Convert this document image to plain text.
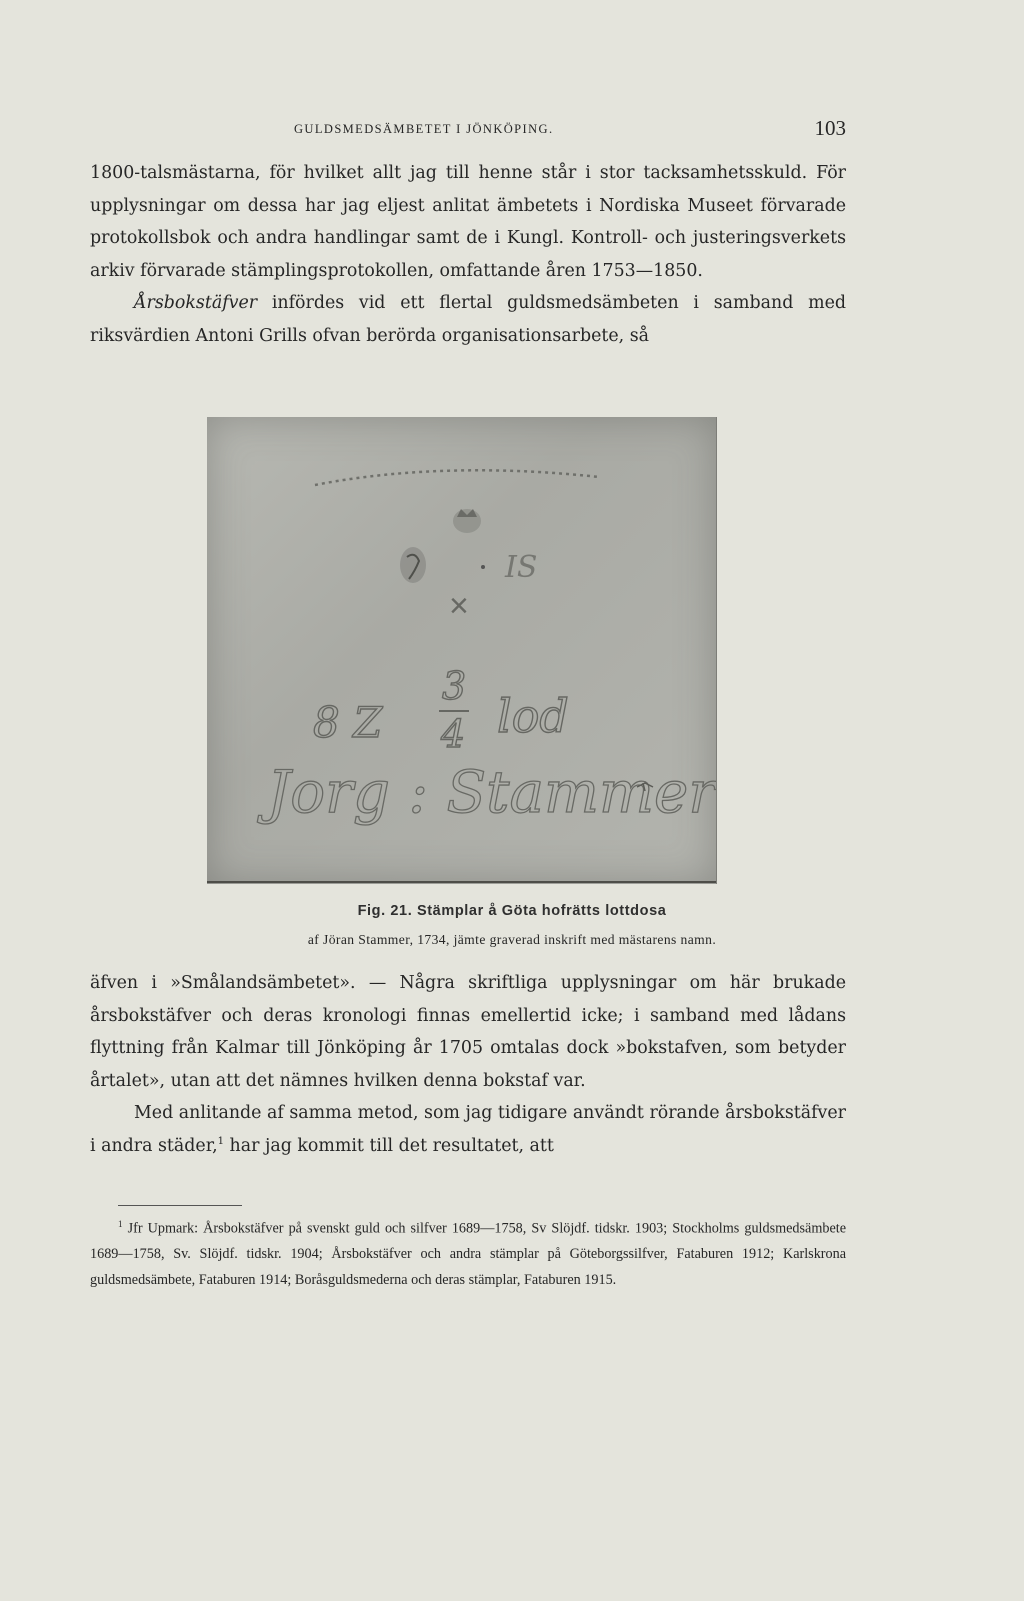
GULDSMEDSÄMBETET I JÖNKÖPING.	103

1800-talsmästarna, för hvilket allt jag till henne står i stor tacksamhetsskuld. För upplysningar om dessa har jag eljest anlitat ämbetets i Nordiska Museet förvarade protokollsbok och andra handlingar samt de i Kungl. Kontroll- och justeringsverkets arkiv förvarade stämplingsprotokollen, omfattande åren 1753—1850.

Årsbokstäfver infördes vid ett flertal guldsmedsämbeten i samband med riksvärdien Antoni Grills ofvan berörda organisationsarbete, så

IS
×
8 Z
3
4 lod
Jorg : Stammer
Fig. 21. Stämplar å Göta hofrätts lottdosa
af Jöran Stammer, 1734, jämte graverad inskrift med mästarens namn.

äfven i »Smålandsämbetet». — Några skriftliga upplysningar om här brukade årsbokstäfver och deras kronologi finnas emellertid icke; i samband med lådans flyttning från Kalmar till Jönköping år 1705 omtalas dock »bokstafven, som betyder årtalet», utan att det nämnes hvilken denna bokstaf var.

Med anlitande af samma metod, som jag tidigare användt rörande årsbokstäfver i andra städer,$^1$ har jag kommit till det resultatet, att

$^1$ Jfr Upmark: Årsbokstäfver på svenskt guld och silfver 1689—1758, Sv Slöjdf. tidskr. 1903; Stockholms guldsmedsämbete 1689—1758, Sv. Slöjdf. tidskr. 1904; Årsbokstäfver och andra stämplar på Göteborgssilfver, Fataburen 1912; Karlskrona guldsmedsämbete, Fataburen 1914; Boråsguldsmederna och deras stämplar, Fataburen 1915.
